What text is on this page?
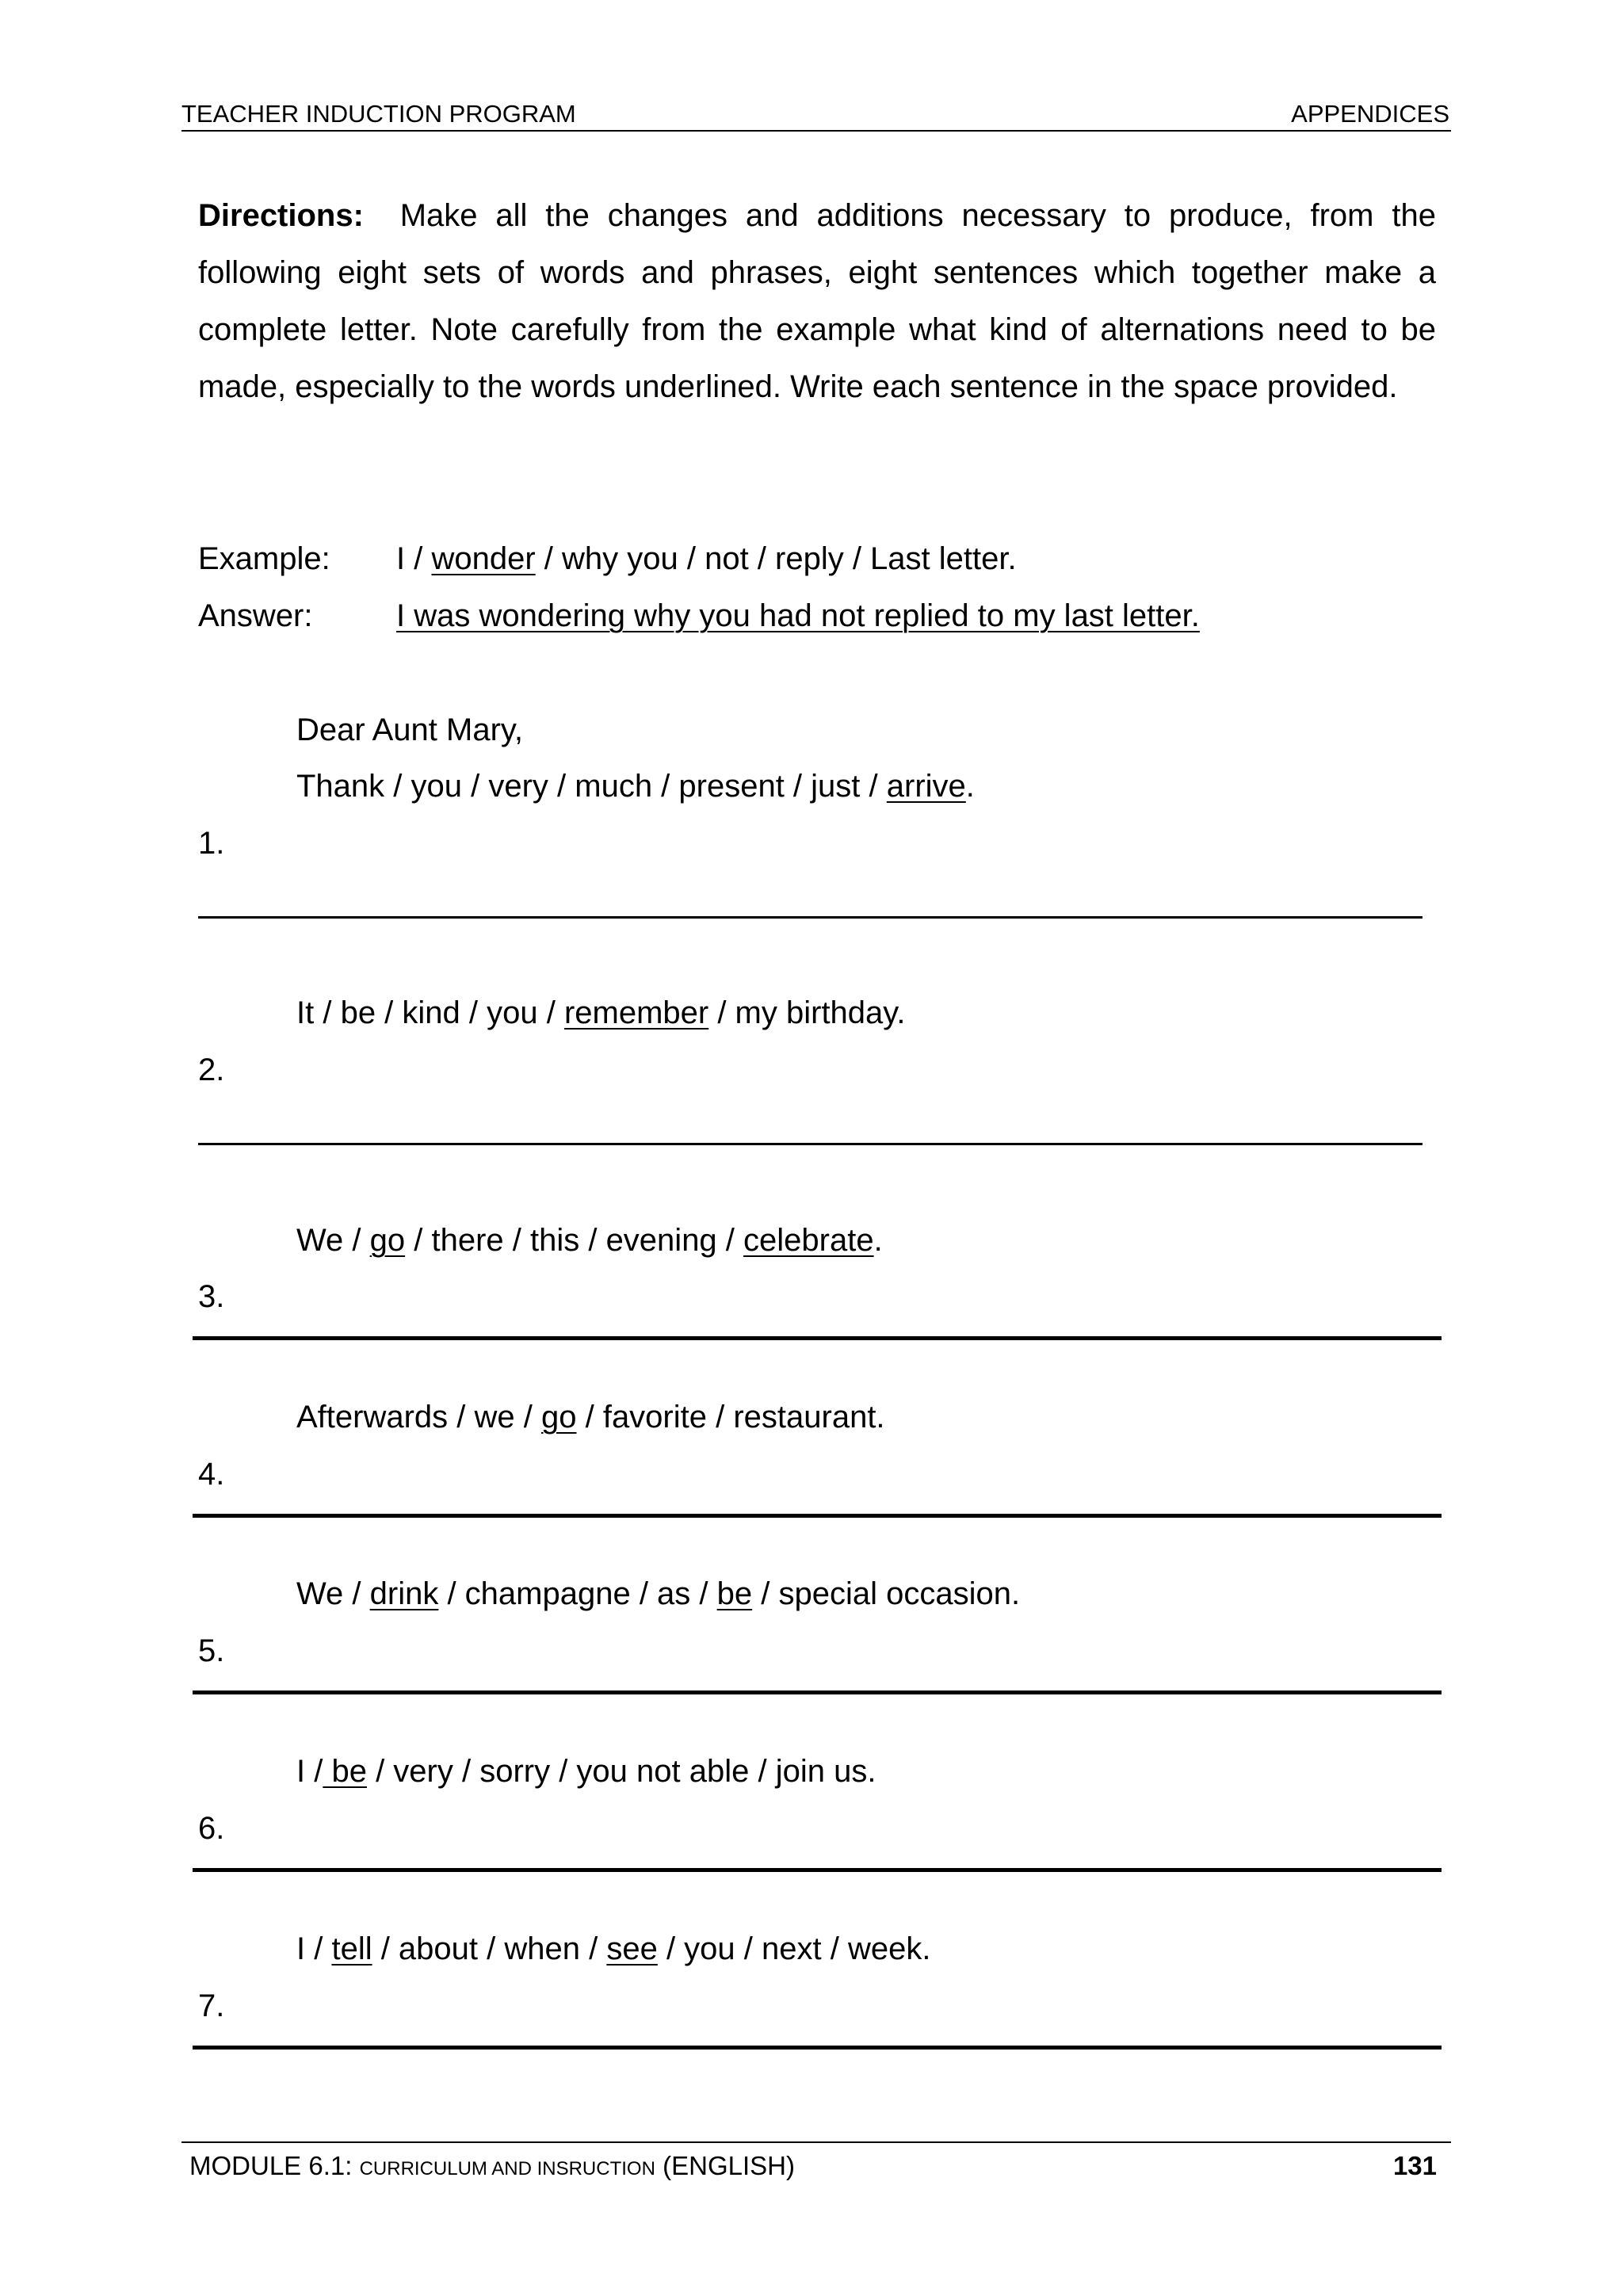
TEACHER INDUCTION PROGRAM	APPENDICES
Directions: Make all the changes and additions necessary to produce, from the following eight sets of words and phrases, eight sentences which together make a complete letter. Note carefully from the example what kind of alternations need to be made, especially to the words underlined. Write each sentence in the space provided.
Example: I / wonder / why you / not / reply / Last letter.
Answer:	I was wondering why you had not replied to my last letter.
Dear Aunt Mary,
Thank / you / very / much / present / just / arrive.
1.
It / be / kind / you / remember / my birthday.
2.
We / go / there / this / evening / celebrate.
3.
Afterwards / we / go / favorite / restaurant.
4.
We / drink / champagne / as / be / special occasion.
5.
I / be / very / sorry / you not able / join us.
6.
I / tell / about / when / see / you / next / week.
7.
MODULE 6.1: CURRICULUM AND INSRUCTION (ENGLISH)	131
